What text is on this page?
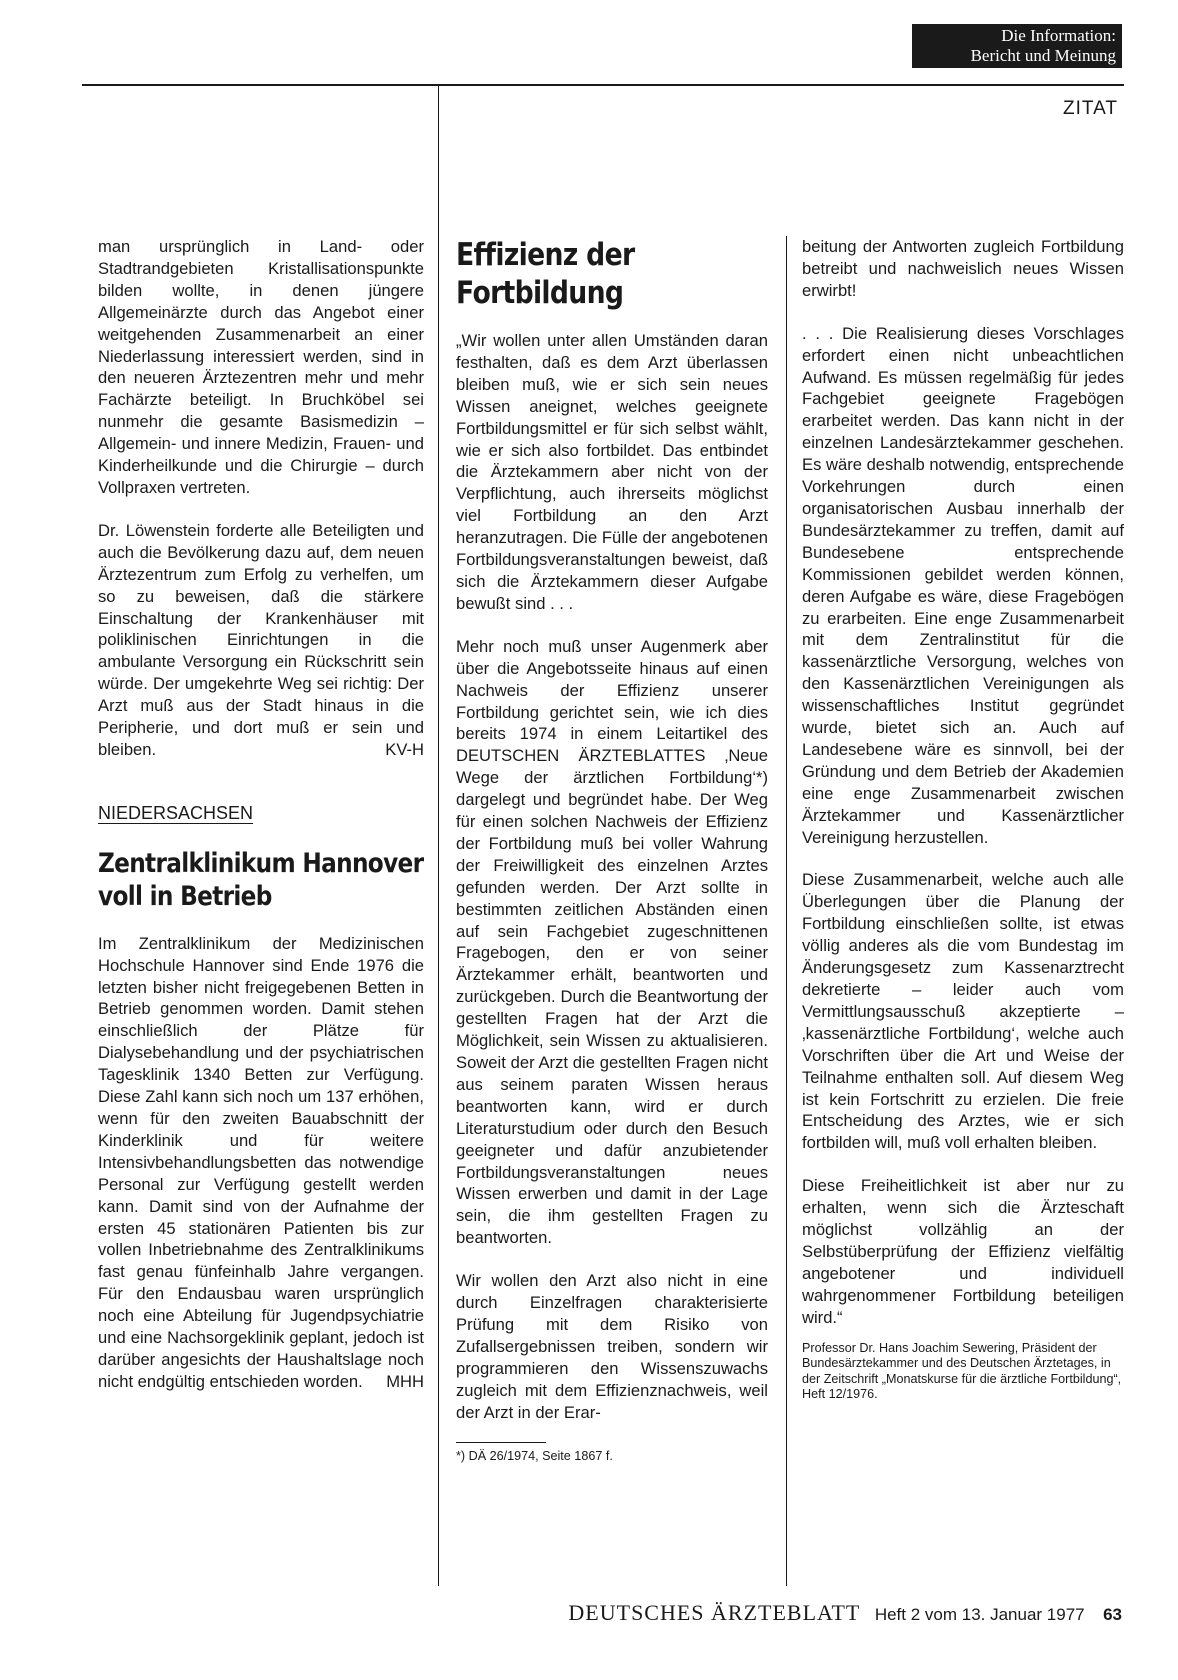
Die Information:
Bericht und Meinung
ZITAT

man ursprünglich in Land- oder Stadtrandgebieten Kristallisationspunkte bilden wollte, in denen jüngere Allgemeinärzte durch das Angebot einer weitgehenden Zusammenarbeit an einer Niederlassung interessiert werden, sind in den neueren Ärztezentren mehr und mehr Fachärzte beteiligt. In Bruchköbel sei nunmehr die gesamte Basismedizin – Allgemein- und innere Medizin, Frauen- und Kinderheilkunde und die Chirurgie – durch Vollpraxen vertreten.

Dr. Löwenstein forderte alle Beteiligten und auch die Bevölkerung dazu auf, dem neuen Ärztezentrum zum Erfolg zu verhelfen, um so zu beweisen, daß die stärkere Einschaltung der Krankenhäuser mit poliklinischen Einrichtungen in die ambulante Versorgung ein Rückschritt sein würde. Der umgekehrte Weg sei richtig: Der Arzt muß aus der Stadt hinaus in die Peripherie, und dort muß er sein und bleiben.	KV-H

NIEDERSACHSEN
Zentralklinikum Hannover voll in Betrieb

Im Zentralklinikum der Medizinischen Hochschule Hannover sind Ende 1976 die letzten bisher nicht freigegebenen Betten in Betrieb genommen worden. Damit stehen einschließlich der Plätze für Dialysebehandlung und der psychiatrischen Tagesklinik 1340 Betten zur Verfügung. Diese Zahl kann sich noch um 137 erhöhen, wenn für den zweiten Bauabschnitt der Kinderklinik und für weitere Intensivbehandlungsbetten das notwendige Personal zur Verfügung gestellt werden kann. Damit sind von der Aufnahme der ersten 45 stationären Patienten bis zur vollen Inbetriebnahme des Zentralklinikums fast genau fünfeinhalb Jahre vergangen. Für den Endausbau waren ursprünglich noch eine Abteilung für Jugendpsychiatrie und eine Nachsorgeklinik geplant, jedoch ist darüber angesichts der Haushaltslage noch nicht endgültig entschieden worden. MHH

Effizienz der Fortbildung

„Wir wollen unter allen Umständen daran festhalten, daß es dem Arzt überlassen bleiben muß, wie er sich sein neues Wissen aneignet, welches geeignete Fortbildungsmittel er für sich selbst wählt, wie er sich also fortbildet. Das entbindet die Ärztekammern aber nicht von der Verpflichtung, auch ihrerseits möglichst viel Fortbildung an den Arzt heranzutragen. Die Fülle der angebotenen Fortbildungsveranstaltungen beweist, daß sich die Ärztekammern dieser Aufgabe bewußt sind . . .

Mehr noch muß unser Augenmerk aber über die Angebotsseite hinaus auf einen Nachweis der Effizienz unserer Fortbildung gerichtet sein, wie ich dies bereits 1974 in einem Leitartikel des DEUTSCHEN ÄRZTEBLATTES ‚Neue Wege der ärztlichen Fortbildung‘*) dargelegt und begründet habe. Der Weg für einen solchen Nachweis der Effizienz der Fortbildung muß bei voller Wahrung der Freiwilligkeit des einzelnen Arztes gefunden werden. Der Arzt sollte in bestimmten zeitlichen Abständen einen auf sein Fachgebiet zugeschnittenen Fragebogen, den er von seiner Ärztekammer erhält, beantworten und zurückgeben. Durch die Beantwortung der gestellten Fragen hat der Arzt die Möglichkeit, sein Wissen zu aktualisieren. Soweit der Arzt die gestellten Fragen nicht aus seinem paraten Wissen heraus beantworten kann, wird er durch Literaturstudium oder durch den Besuch geeigneter und dafür anzubietender Fortbildungsveranstaltungen neues Wissen erwerben und damit in der Lage sein, die ihm gestellten Fragen zu beantworten.

Wir wollen den Arzt also nicht in eine durch Einzelfragen charakterisierte Prüfung mit dem Risiko von Zufallsergebnissen treiben, sondern wir programmieren den Wissenszuwachs zugleich mit dem Effizienznachweis, weil der Arzt in der Erar-

*) DÄ 26/1974, Seite 1867 f.

beitung der Antworten zugleich Fortbildung betreibt und nachweislich neues Wissen erwirbt!

. . . Die Realisierung dieses Vorschlages erfordert einen nicht unbeachtlichen Aufwand. Es müssen regelmäßig für jedes Fachgebiet geeignete Fragebögen erarbeitet werden. Das kann nicht in der einzelnen Landesärztekammer geschehen. Es wäre deshalb notwendig, entsprechende Vorkehrungen durch einen organisatorischen Ausbau innerhalb der Bundesärztekammer zu treffen, damit auf Bundesebene entsprechende Kommissionen gebildet werden können, deren Aufgabe es wäre, diese Fragebögen zu erarbeiten. Eine enge Zusammenarbeit mit dem Zentralinstitut für die kassenärztliche Versorgung, welches von den Kassenärztlichen Vereinigungen als wissenschaftliches Institut gegründet wurde, bietet sich an. Auch auf Landesebene wäre es sinnvoll, bei der Gründung und dem Betrieb der Akademien eine enge Zusammenarbeit zwischen Ärztekammer und Kassenärztlicher Vereinigung herzustellen.

Diese Zusammenarbeit, welche auch alle Überlegungen über die Planung der Fortbildung einschließen sollte, ist etwas völlig anderes als die vom Bundestag im Änderungsgesetz zum Kassenarztrecht dekretierte – leider auch vom Vermittlungsausschuß akzeptierte – ‚kassenärztliche Fortbildung‘, welche auch Vorschriften über die Art und Weise der Teilnahme enthalten soll. Auf diesem Weg ist kein Fortschritt zu erzielen. Die freie Entscheidung des Arztes, wie er sich fortbilden will, muß voll erhalten bleiben.

Diese Freiheitlichkeit ist aber nur zu erhalten, wenn sich die Ärzteschaft möglichst vollzählig an der Selbstüberprüfung der Effizienz vielfältig angebotener und individuell wahrgenommener Fortbildung beteiligen wird.“

Professor Dr. Hans Joachim Sewering, Präsident der Bundesärztekammer und des Deutschen Ärztetages, in der Zeitschrift „Monatskurse für die ärztliche Fortbildung“, Heft 12/1976.
DEUTSCHES ÄRZTEBLATT Heft 2 vom 13. Januar 1977 63
